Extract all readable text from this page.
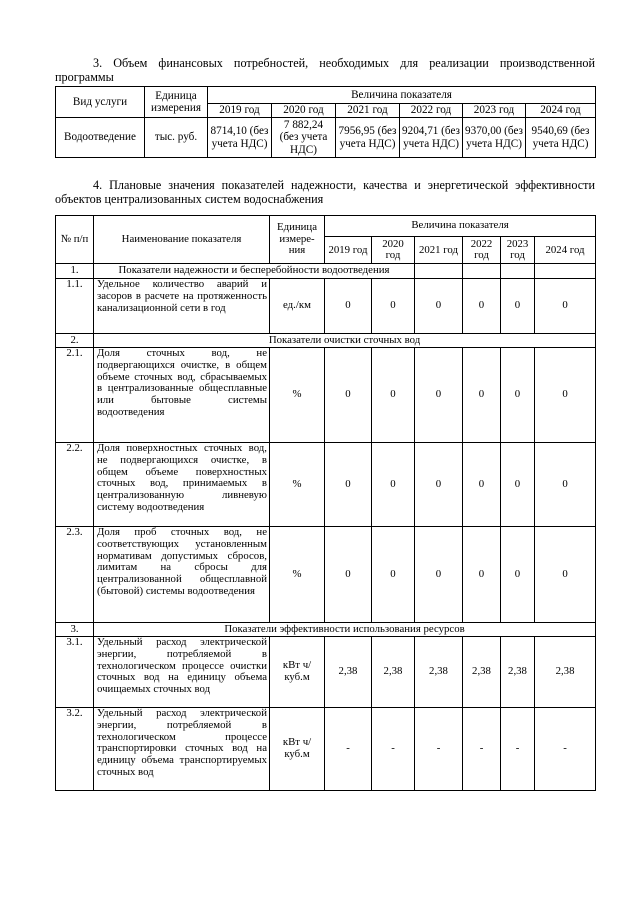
3. Объем финансовых потребностей, необходимых для реализации производственной программы

Вид услуги	Единица измерения	Величина показателя					
		2019 год	2020 год	2021 год	2022 год	2023 год	2024 год
Водоотведение	тыс. руб.	8714,10 (без учета НДС)	7 882,24 (без учета НДС)	7956,95 (без учета НДС)	9204,71 (без учета НДС)	9370,00 (без учета НДС)	9540,69 (без учета НДС)

4. Плановые значения показателей надежности, качества и энергетической эффективности объектов централизованных систем водоснабжения

№ п/п	Наименование показателя	Единица измере-ния	Величина показателя					
			2019 год	2020 год	2021 год	2022 год	2023 год	2024 год
1.	Показатели надежности и бесперебойности водоотведения							
1.1.	Удельное количество аварий и засоров в расчете на протяженность канализационной сети в год	ед./км	0	0	0	0	0	0
2.	Показатели очистки сточных вод							
2.1.	Доля сточных вод, не подвергающихся очистке, в общем объеме сточных вод, сбрасываемых в централизованные общесплавные или бытовые системы водоотведения	%	0	0	0	0	0	0
2.2.	Доля поверхностных сточных вод, не подвергающихся очистке, в общем объеме поверхностных сточных вод, принимаемых в централизованную ливневую систему водоотведения	%	0	0	0	0	0	0
2.3.	Доля проб сточных вод, не соответствующих установленным нормативам допустимых сбросов, лимитам на сбросы для централизованной общесплавной (бытовой) системы водоотведения	%	0	0	0	0	0	0
3.	Показатели эффективности использования ресурсов							
3.1.	Удельный расход электрической энергии, потребляемой в технологическом процессе очистки сточных вод на единицу объема очищаемых сточных вод	кВт ч/куб.м	2,38	2,38	2,38	2,38	2,38	2,38
3.2.	Удельный расход электрической энергии, потребляемой в технологическом процессе транспортировки сточных вод на единицу объема транспортируемых сточных вод	кВт ч/куб.м	-	-	-	-	-	-
